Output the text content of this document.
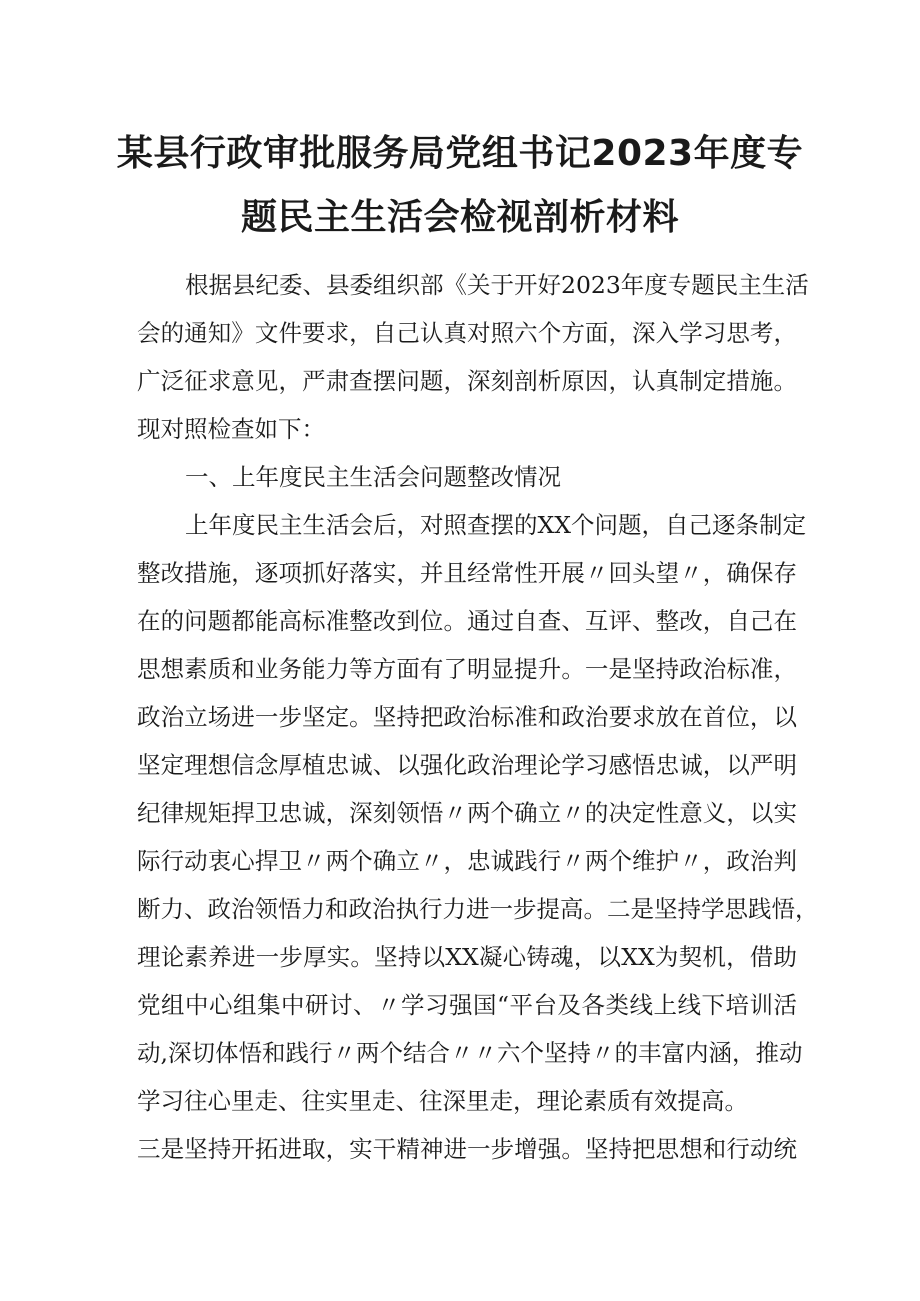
某县行政审批服务局党组书记2023年度专
题民主生活会检视剖析材料
根据县纪委、县委组织部《关于开好2023年度专题民主生活
会的通知》文件要求，自己认真对照六个方面，深入学习思考，
广泛征求意见，严肃查摆问题，深刻剖析原因，认真制定措施。
现对照检查如下：
一、上年度民主生活会问题整改情况
上年度民主生活会后，对照查摆的XX个问题，自己逐条制定
整改措施，逐项抓好落实，并且经常性开展〃回头望〃，确保存
在的问题都能高标准整改到位。通过自查、互评、整改，自己在
思想素质和业务能力等方面有了明显提升。一是坚持政治标准，
政治立场进一步坚定。坚持把政治标准和政治要求放在首位，以
坚定理想信念厚植忠诚、以强化政治理论学习感悟忠诚，以严明
纪律规矩捍卫忠诚，深刻领悟〃两个确立〃的决定性意义，以实
际行动衷心捍卫〃两个确立〃，忠诚践行〃两个维护〃，政治判
断力、政治领悟力和政治执行力进一步提高。二是坚持学思践悟，
理论素养进一步厚实。坚持以XX凝心铸魂，以XX为契机，借助
党组中心组集中研讨、〃学习强国“平台及各类线上线下培训活
动,深切体悟和践行〃两个结合〃〃六个坚持〃的丰富内涵，推动
学习往心里走、往实里走、往深里走，理论素质有效提高。
三是坚持开拓进取，实干精神进一步增强。坚持把思想和行动统
